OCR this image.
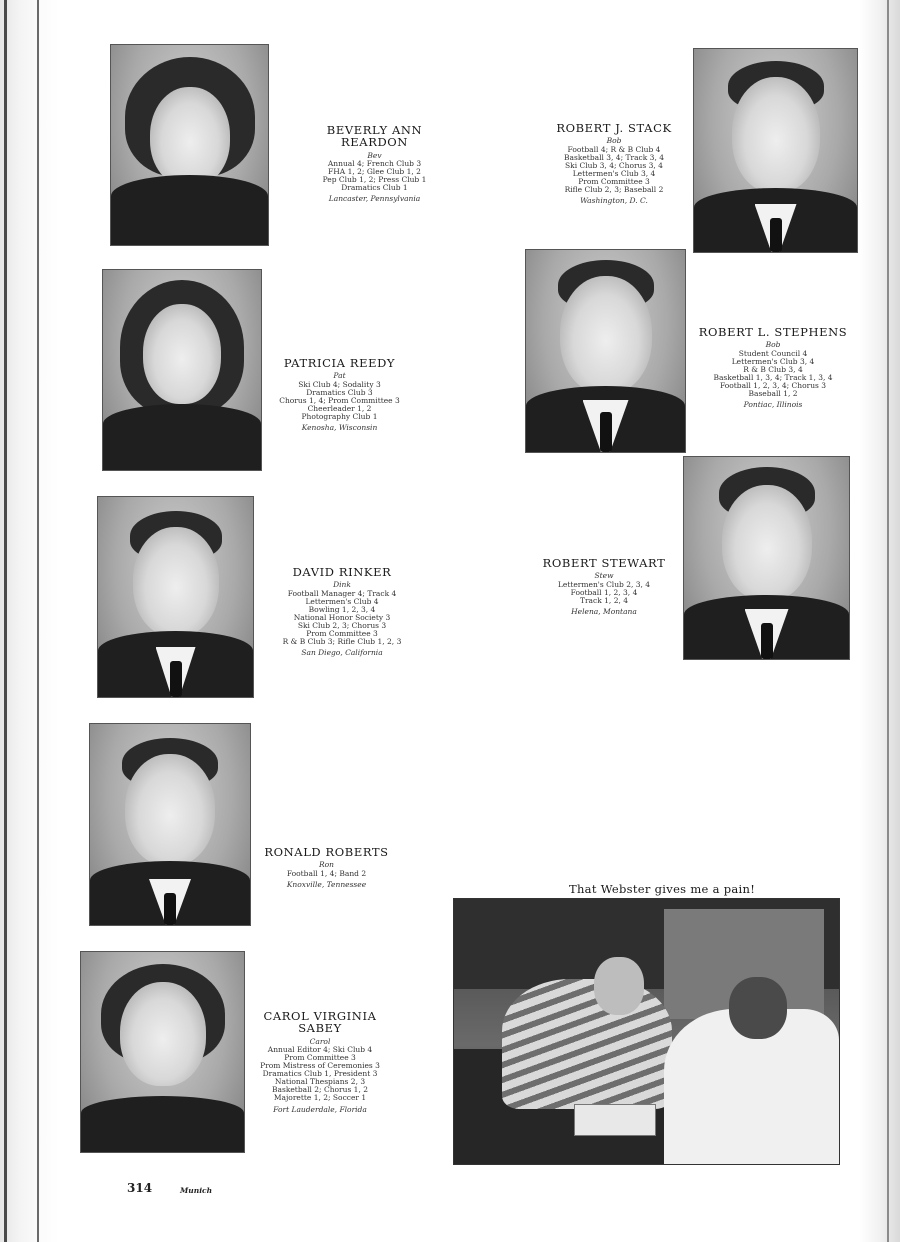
BEVERLY ANN
REARDON
Bev
Annual 4; French Club 3
FHA 1, 2; Glee Club 1, 2
Pep Club 1, 2; Press Club 1
Dramatics Club 1
Lancaster, Pennsylvania
PATRICIA REEDY
Pat
Ski Club 4; Sodality 3
Dramatics Club 3
Chorus 1, 4; Prom Committee 3
Cheerleader 1, 2
Photography Club 1
Kenosha, Wisconsin
DAVID RINKER
Dink
Football Manager 4; Track 4
Lettermen's Club 4
Bowling 1, 2, 3, 4
National Honor Society 3
Ski Club 2, 3; Chorus 3
Prom Committee 3
R & B Club 3; Rifle Club 1, 2, 3
San Diego, California
RONALD ROBERTS
Ron
Football 1, 4; Band 2
Knoxville, Tennessee
CAROL VIRGINIA
SABEY
Carol
Annual Editor 4; Ski Club 4
Prom Committee 3
Prom Mistress of Ceremonies 3
Dramatics Club 1, President 3
National Thespians 2, 3
Basketball 2; Chorus 1, 2
Majorette 1, 2; Soccer 1
Fort Lauderdale, Florida
ROBERT J. STACK
Bob
Football 4; R & B Club 4
Basketball 3, 4; Track 3, 4
Ski Club 3, 4; Chorus 3, 4
Lettermen's Club 3, 4
Prom Committee 3
Rifle Club 2, 3; Baseball 2
Washington, D. C.
ROBERT L. STEPHENS
Bob
Student Council 4
Lettermen's Club 3, 4
R & B Club 3, 4
Basketball 1, 3, 4; Track 1, 3, 4
Football 1, 2, 3, 4; Chorus 3
Baseball 1, 2
Pontiac, Illinois
ROBERT STEWART
Stew
Lettermen's Club 2, 3, 4
Football 1, 2, 3, 4
Track 1, 2, 4
Helena, Montana
That Webster gives me a pain!
314	Munich
